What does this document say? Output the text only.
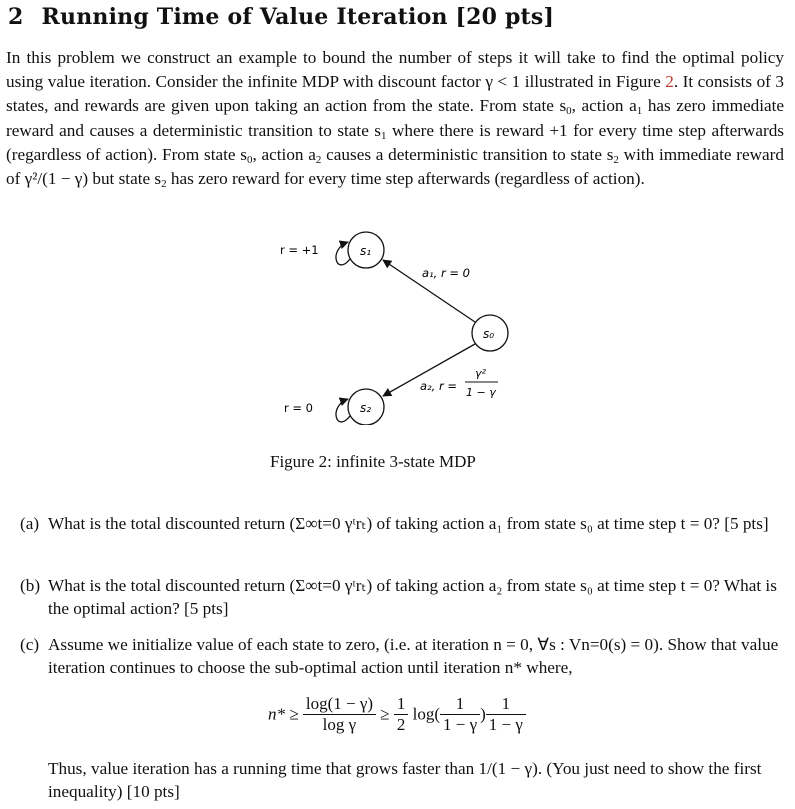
2 Running Time of Value Iteration [20 pts]
In this problem we construct an example to bound the number of steps it will take to find the optimal policy using value iteration. Consider the infinite MDP with discount factor γ < 1 illustrated in Figure 2. It consists of 3 states, and rewards are given upon taking an action from the state. From state $s_0$, action $a_1$ has zero immediate reward and causes a deterministic transition to state $s_1$ where there is reward +1 for every time step afterwards (regardless of action). From state $s_0$, action $a_2$ causes a deterministic transition to state $s_2$ with immediate reward of γ²/(1 − γ) but state $s_2$ has zero reward for every time step afterwards (regardless of action).
s₁
r = +1
s₀
s₂
r = 0
a₁, r = 0
a₂, r =
γ²
1 − γ
Figure 2: infinite 3-state MDP
(a) What is the total discounted return (Σ∞t=0 γᵗrₜ) of taking action a₁ from state s₀ at time step t = 0? [5 pts]
(b) What is the total discounted return (Σ∞t=0 γᵗrₜ) of taking action a₂ from state s₀ at time step t = 0? What is the optimal action? [5 pts]
(c) Assume we initialize value of each state to zero, (i.e. at iteration n = 0, ∀s : Vn=0(s) = 0). Show that value iteration continues to choose the sub-optimal action until iteration n* where,
$n* \ge \frac{\log(1 - \gamma)}{\text{log γ}} \ge \frac{1}{2} \log( \frac{1}{1 - \gamma}$ ) $\frac{1}{1 - \gamma}$
Thus, value iteration has a running time that grows faster than 1/(1 − γ). (You just need to show the first inequality) [10 pts]
